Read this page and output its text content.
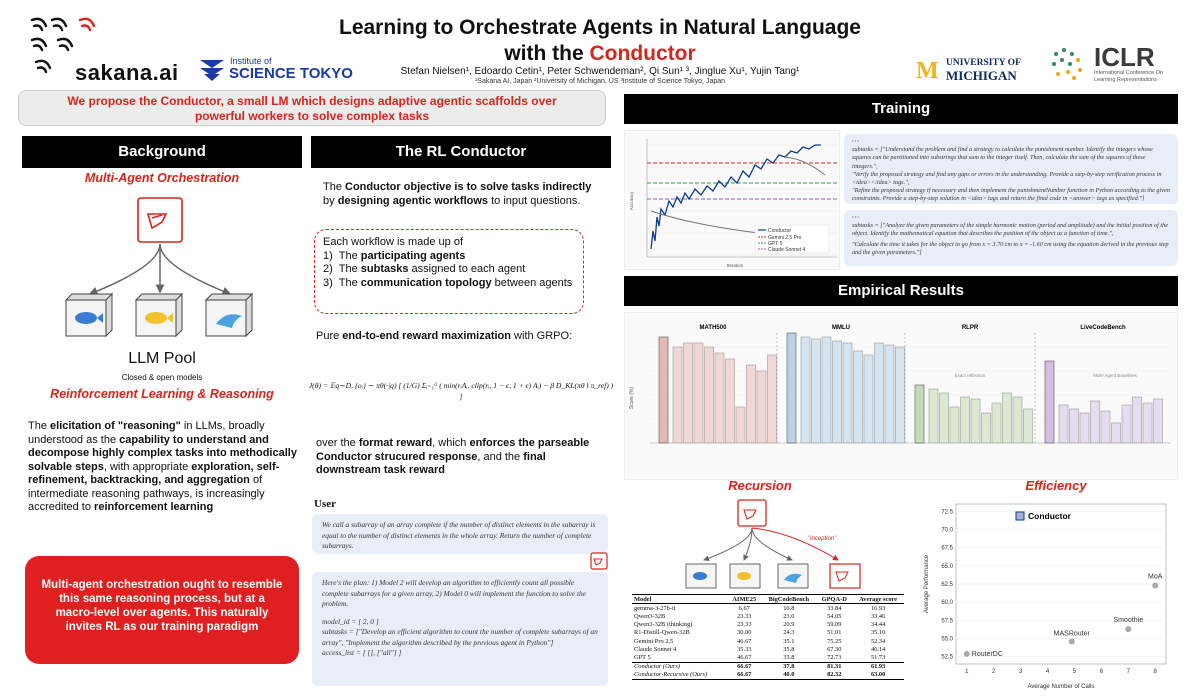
sakana.ai	Institute of
SCIENCE TOKYO
Learning to Orchestrate Agents in Natural Language
with the Conductor
Stefan Nielsen¹, Edoardo Cetin¹, Peter Schwendeman², Qi Sun¹ ³, Jinglue Xu¹, Yujin Tang¹
¹Sakana AI, Japan ²University of Michigan, US ³Institute of Science Tokyo, Japan	M UNIVERSITY OF
MICHIGAN
ICLR
International Conference On Learning Representations
We propose the Conductor, a small LM which designs adaptive agentic scaffolds over powerful workers to solve complex tasks
Background
Multi-Agent Orchestration
LLM Pool
Closed & open models
Reinforcement Learning & Reasoning
The elicitation of "reasoning" in LLMs, broadly understood as the capability to understand and decompose highly complex tasks into methodically solvable steps, with appropriate exploration, self-refinement, backtracking, and aggregation of intermediate reasoning pathways, is increasingly accredited to reinforcement learning
Multi-agent orchestration ought to resemble this same reasoning process, but at a macro-level over agents. This naturally invites RL as our training paradigm
The RL Conductor
The Conductor objective is to solve tasks indirectly by designing agentic workflows to input questions.
Each workflow is made up of
1) The participating agents
2) The subtasks assigned to each agent
3) The communication topology between agents
Pure end-to-end reward maximization with GRPO:
J(θ) = 𝔼q∼D, {oᵢ} ∼ πθ(·|q) [ (1/G) Σᵢ₌₁ᴳ ( min(rᵢAᵢ, clip(rᵢ, 1 − ϵ, 1 + ϵ) Aᵢ) − β D_KL(πθ ‖ π_ref) ) ]
over the format reward, which enforces the parseable Conductor strucured response, and the final downstream task reward
User
We call a subarray of an array complete if the number of distinct elements in the subarray is equal to the number of distinct elements in the whole array. Return the number of complete subarrays.
Here's the plan: 1) Model 2 will develop an algorithm to efficiently count all possible complete subarrays for a given array, 2) Model 0 will implement the function to solve the problem.
model_id = [ 2, 0 ]
subtasks = ["Develop an efficient algorithm to count the number of complete subarrays of an array", "Implement the algorithm described by the previous agent in Python"]
access_list = [ [], ["all"] ]
Training
Conductor
Gemini 2.5 Pro
GPT 5
Claude Sonnet 4
Iteration
Accuracy
···
subtasks = ["Understand the problem and find a strategy to calculate the punishment number. Identify the integers whose squares can be partitioned into substrings that sum to the integer itself. Then, calculate the sum of the squares of these integers.",
"Verify the proposed strategy and find any gaps or errors in the understanding. Provide a step-by-step verification process in <idea></idea> tags.",
"Refine the proposed strategy if necessary and then implement the punishmentNumber function in Python according to the given constraints. Provide a step-by-step solution in <idea> tags and return the final code in <answer> tags as specified."]
···
subtasks = ["Analyze the given parameters of the simple harmonic motion (period and amplitude) and the initial position of the object. Identify the mathematical equation that describes the position of the object as a function of time.",
"Calculate the time it takes for the object to go from x = 3.70 cm to x = -1.60 cm using the equation derived in the previous step and the given parameters."]
Empirical Results
Score (%)
MATH500	MMLU	RLPR	LiveCodeBench
Exact reflection	Multi-Agent Baselines
Recursion
"inception"
Model	AIME25	BigCodeBench	GPQA-D	Average score
gemma-3-27b-it	6.67	10.8	33.84	16.93
Qwen3-32B	23.33	23.0	54.05	33.46
Qwen3-32B (thinking)	23.33	20.9	59.09	34.44
R1-Distill-Qwen-32B	30.00	24.3	51.01	35.10
Gemini Pro 2.5	46.67	35.1	75.25	52.34
Claude Sonnet 4	35.33	35.8	67.30	46.14
GPT 5	46.67	33.8	72.73	51.73
Conductor (Ours)	66.67	37.8	81.31	61.93
Conductor-Recursive (Ours)	66.67	40.0	82.32	63.00
Efficiency
52.5
55.0
57.5
60.0
62.5
65.0
67.5
70.0
72.5
1	2	3	4	5	6	7	8
Conductor
Average Number of Calls
Average Performance
RouterDC
MASRouter
Smoothie
MoA
